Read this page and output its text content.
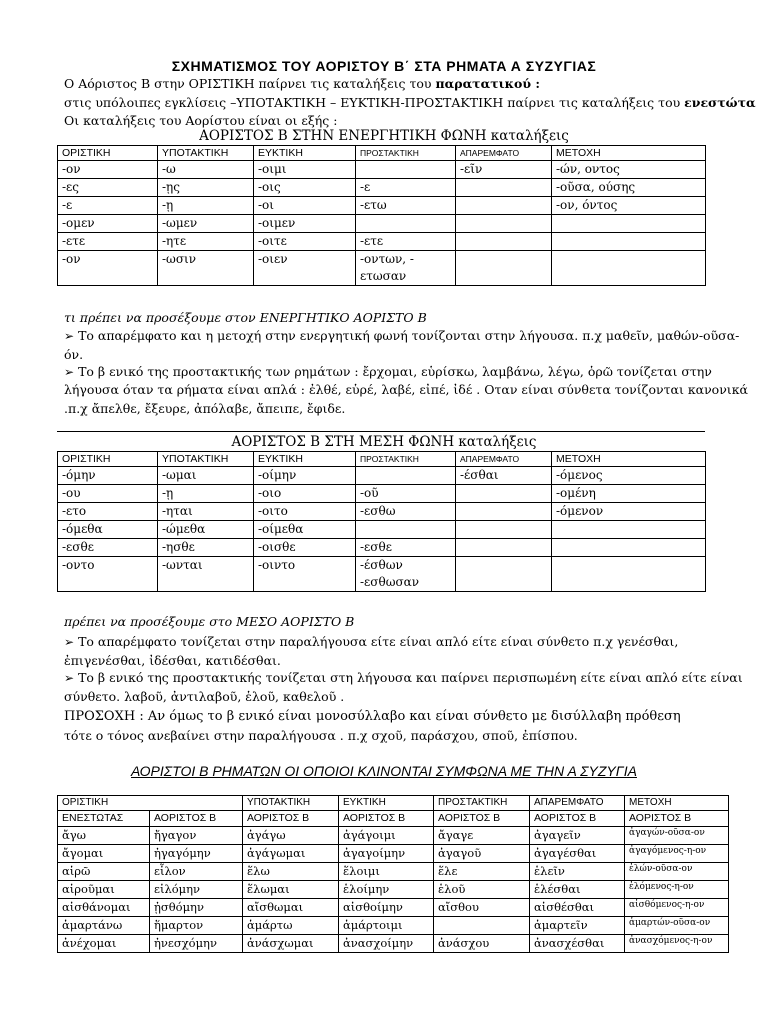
ΣΧΗΜΑΤΙΣΜΟΣ ΤΟΥ ΑΟΡΙΣΤΟΥ Β΄ ΣΤΑ ΡΗΜΑΤΑ Α ΣΥΖΥΓΙΑΣ
Ο Αόριστος Β στην ΟΡΙΣΤΙΚΗ παίρνει τις καταλήξεις του παρατατικού :
στις υπόλοιπες εγκλίσεις –ΥΠΟΤΑΚΤΙΚΗ – ΕΥΚΤΙΚΗ-ΠΡΟΣΤΑΚΤΙΚΗ παίρνει τις καταλήξεις του ενεστώτα
Οι καταλήξεις του Αορίστου είναι οι εξής :
ΑΟΡΙΣΤΟΣ Β ΣΤΗΝ ΕΝΕΡΓΗΤΙΚΗ ΦΩΝΗ καταλήξεις
ΟΡΙΣΤΙΚΗ	ΥΠΟΤΑΚΤΙΚΗ	ΕΥΚΤΙΚΗ	ΠΡΟΣΤΑΚΤΙΚΗ	ΑΠΑΡΕΜΦΑΤΟ	ΜΕΤΟΧΗ
-ον	-ω	-οιμι		-εῖν	-ών, οντος
-ες	-ῃς	-οις	-ε		-οῦσα, ούσης
-ε	-ῃ	-οι	-ετω		-ον, όντος
-ομεν	-ωμεν	-οιμεν			
-ετε	-ητε	-οιτε	-ετε		
-ον	-ωσιν	-οιεν	-οντων, -
ετωσαν		

τι πρέπει να προσέξουμε στον ΕΝΕΡΓΗΤΙΚΟ ΑΟΡΙΣΤΟ Β
➢ Το απαρέμφατο και η μετοχή στην ενεργητική φωνή τονίζονται στην λήγουσα. π.χ μαθεῖν, μαθών-οῦσα-
όν.
➢ Το β ενικό της προστακτικής των ρημάτων : ἔρχομαι, εὑρίσκω, λαμβάνω, λέγω, ὁρῶ τονίζεται στην
λήγουσα όταν τα ρήματα είναι απλά : ἐλθέ, εὑρέ, λαβέ, εἰπέ, ἰδέ . Οταν είναι σύνθετα τονίζονται κανονικά
.π.χ ἄπελθε, ἔξευρε, ἀπόλαβε, ἄπειπε, ἔφιδε.
ΑΟΡΙΣΤΟΣ Β ΣΤΗ ΜΕΣΗ ΦΩΝΗ καταλήξεις
ΟΡΙΣΤΙΚΗ	ΥΠΟΤΑΚΤΙΚΗ	ΕΥΚΤΙΚΗ	ΠΡΟΣΤΑΚΤΙΚΗ	ΑΠΑΡΕΜΦΑΤΟ	ΜΕΤΟΧΗ
-όμην	-ωμαι	-οίμην		-έσθαι	-όμενος
-ου	-ῃ	-οιο	-οῦ		-ομένη
-ετο	-ηται	-οιτο	-εσθω		-όμενον
-όμεθα	-ώμεθα	-οίμεθα			
-εσθε	-ησθε	-οισθε	-εσθε		
-οντο	-ωνται	-οιντο	-έσθων
-εσθωσαν		

πρέπει να προσέξουμε στο ΜΕΣΟ ΑΟΡΙΣΤΟ Β
➢ Το απαρέμφατο τονίζεται στην παραλήγουσα είτε είναι απλό είτε είναι σύνθετο π.χ γενέσθαι,
ἐπιγενέσθαι, ἰδέσθαι, κατιδέσθαι.
➢ Το β ενικό της προστακτικής τονίζεται στη λήγουσα και παίρνει περισπωμένη είτε είναι απλό είτε είναι
σύνθετο. λαβοῦ, ἀντιλαβοῦ, ἑλοῦ, καθελοῦ .
ΠΡΟΣΟΧΗ : Αν όμως το β ενικό είναι μονοσύλλαβο και είναι σύνθετο με δισύλλαβη πρόθεση
τότε ο τόνος ανεβαίνει στην παραλήγουσα . π.χ σχοῦ, παράσχου, σποῦ, ἐπίσπου.
ΑΟΡΙΣΤΟΙ Β ΡΗΜΑΤΩΝ ΟΙ ΟΠΟΙΟΙ ΚΛΙΝΟΝΤΑΙ ΣΥΜΦΩΝΑ ΜΕ ΤΗΝ Α ΣΥΖΥΓΙΑ
ΟΡΙΣΤΙΚΗ		ΥΠΟΤΑΚΤΙΚΗ	ΕΥΚΤΙΚΗ	ΠΡΟΣΤΑΚΤΙΚΗ	ΑΠΑΡΕΜΦΑΤΟ	ΜΕΤΟΧΗ
ΕΝΕΣΤΩΤΑΣ	ΑΟΡΙΣΤΟΣ Β	ΑΟΡΙΣΤΟΣ Β	ΑΟΡΙΣΤΟΣ Β	ΑΟΡΙΣΤΟΣ Β	ΑΟΡΙΣΤΟΣ Β	ΑΟΡΙΣΤΟΣ Β
ἄγω	ἤγαγον	ἀγάγω	ἀγάγοιμι	ἄγαγε	ἀγαγεῖν	ἀγαγών-οῦσα-ον
ἄγομαι	ἠγαγόμην	ἀγάγωμαι	ἀγαγοίμην	ἀγαγοῦ	ἀγαγέσθαι	ἀγαγόμενος-η-ον
αἱρῶ	εἷλον	ἕλω	ἕλοιμι	ἕλε	ἑλεῖν	ἑλών-οῦσα-ον
αἱροῦμαι	εἱλόμην	ἕλωμαι	ἑλοίμην	ἑλοῦ	ἑλέσθαι	ἑλόμενος-η-ον
αἰσθάνομαι	ᾐσθόμην	αἴσθωμαι	αἰσθοίμην	αἴσθου	αἰσθέσθαι	αἰσθόμενος-η-ον
ἁμαρτάνω	ἥμαρτον	ἁμάρτω	ἁμάρτοιμι		ἁμαρτεῖν	ἁμαρτών-οῦσα-ον
ἀνέχομαι	ἠνεσχόμην	ἀνάσχωμαι	ἀνασχοίμην	ἀνάσχου	ἀνασχέσθαι	ἀνασχόμενος-η-ον
